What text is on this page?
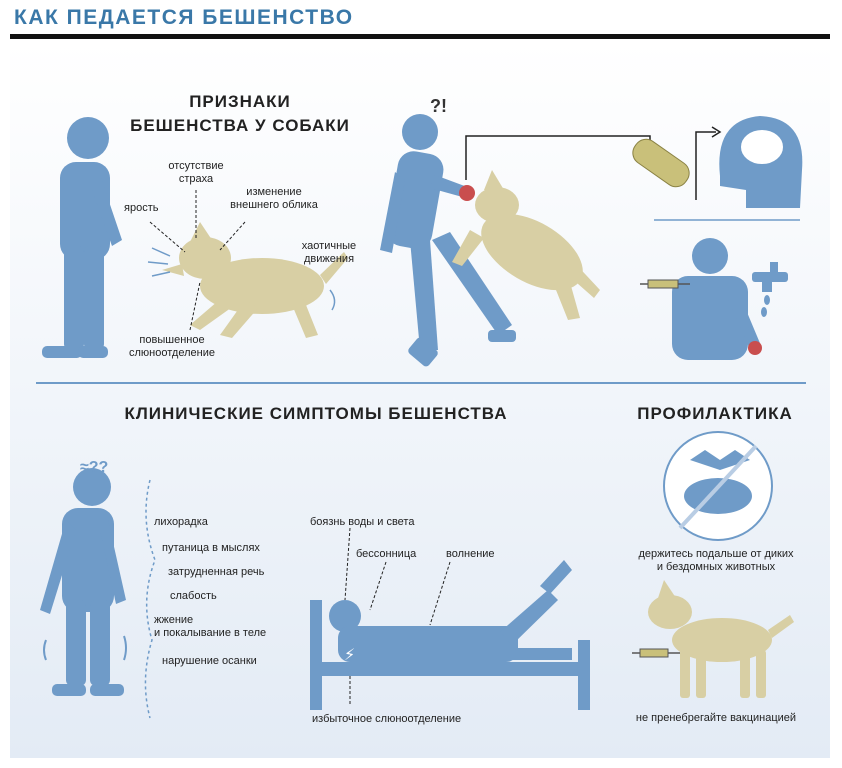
КАК ПЕДАЕТСЯ БЕШЕНСТВО
?!
≈??
⚡
ПРИЗНАКИ
БЕШЕНСТВА У СОБАКИ
КЛИНИЧЕСКИЕ СИМПТОМЫ БЕШЕНСТВА	ПРОФИЛАКТИКА
отсутствие
страха
ярость
изменение
внешнего облика
хаотичные
движения
повышенное
слюноотделение
лихорадка
путаница в мыслях
затрудненная речь
слабость
жжение
и покалывание в теле
нарушение осанки
боязнь воды и света
бессонница	волнение
избыточное слюноотделение
держитесь подальше от диких
и бездомных животных
не пренебрегайте вакцинацией
